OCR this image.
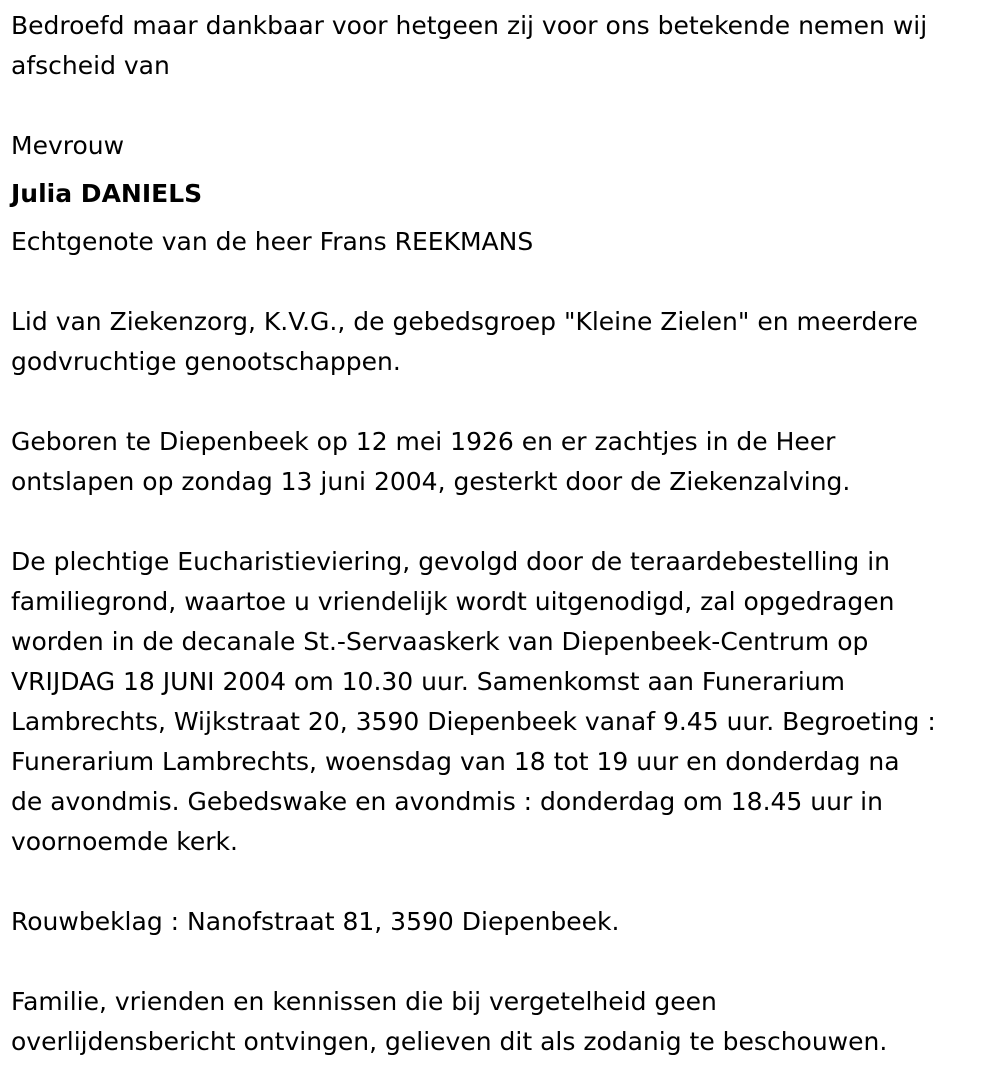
Bedroefd maar dankbaar voor hetgeen zij voor ons betekende nemen wij
afscheid van
Mevrouw
Julia DANIELS
Echtgenote van de heer Frans REEKMANS
Lid van Ziekenzorg, K.V.G., de gebedsgroep "Kleine Zielen" en meerdere
godvruchtige genootschappen.
Geboren te Diepenbeek op 12 mei 1926 en er zachtjes in de Heer
ontslapen op zondag 13 juni 2004, gesterkt door de Ziekenzalving.
De plechtige Eucharistieviering, gevolgd door de teraardebestelling in
familiegrond, waartoe u vriendelijk wordt uitgenodigd, zal opgedragen
worden in de decanale St.-Servaaskerk van Diepenbeek-Centrum op
VRIJDAG 18 JUNI 2004 om 10.30 uur. Samenkomst aan Funerarium
Lambrechts, Wijkstraat 20, 3590 Diepenbeek vanaf 9.45 uur. Begroeting :
Funerarium Lambrechts, woensdag van 18 tot 19 uur en donderdag na
de avondmis. Gebedswake en avondmis : donderdag om 18.45 uur in
voornoemde kerk.
Rouwbeklag : Nanofstraat 81, 3590 Diepenbeek.
Familie, vrienden en kennissen die bij vergetelheid geen
overlijdensbericht ontvingen, gelieven dit als zodanig te beschouwen.
